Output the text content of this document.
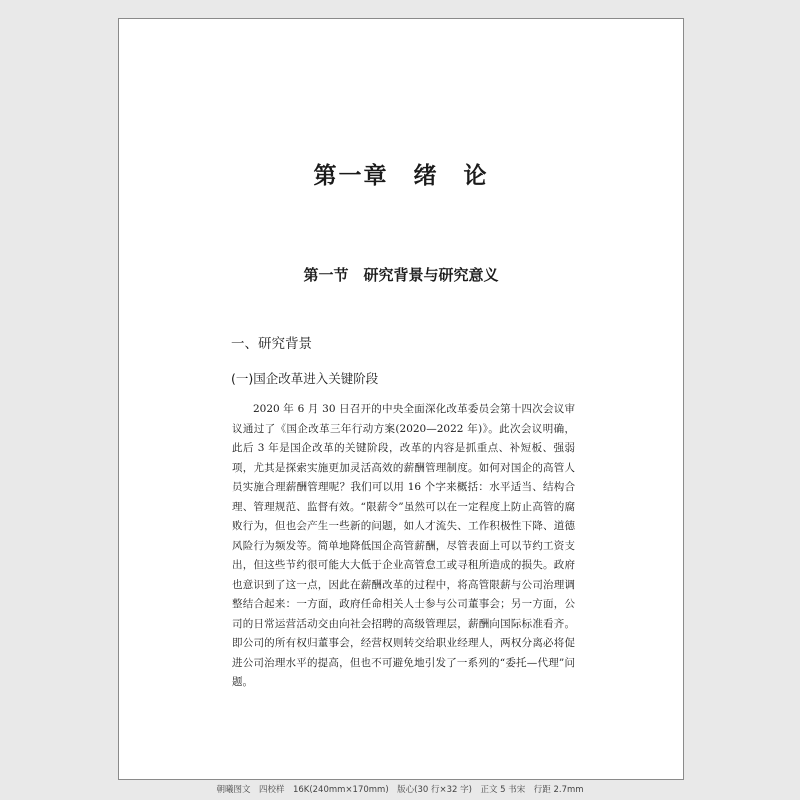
第一章　绪　论
第一节　研究背景与研究意义
一、研究背景
(一)国企改革进入关键阶段

2020 年 6 月 30 日召开的中央全面深化改革委员会第十四次会议审议通过了《国企改革三年行动方案(2020—2022 年)》。此次会议明确，此后 3 年是国企改革的关键阶段，改革的内容是抓重点、补短板、强弱项，尤其是探索实施更加灵活高效的薪酬管理制度。如何对国企的高管人员实施合理薪酬管理呢？我们可以用 16 个字来概括：水平适当、结构合理、管理规范、监督有效。“限薪令”虽然可以在一定程度上防止高管的腐败行为，但也会产生一些新的问题，如人才流失、工作积极性下降、道德风险行为频发等。简单地降低国企高管薪酬，尽管表面上可以节约工资支出，但这些节约很可能大大低于企业高管怠工或寻租所造成的损失。政府也意识到了这一点，因此在薪酬改革的过程中，将高管限薪与公司治理调整结合起来：一方面，政府任命相关人士参与公司董事会；另一方面，公司的日常运营活动交由向社会招聘的高级管理层，薪酬向国际标准看齐。即公司的所有权归董事会，经营权则转交给职业经理人，两权分离必将促进公司治理水平的提高，但也不可避免地引发了一系列的“委托—代理”问题。

朝曦图文　四校样　16K(240mm×170mm)　版心(30 行×32 字)　正文 5 书宋　行距 2.7mm
